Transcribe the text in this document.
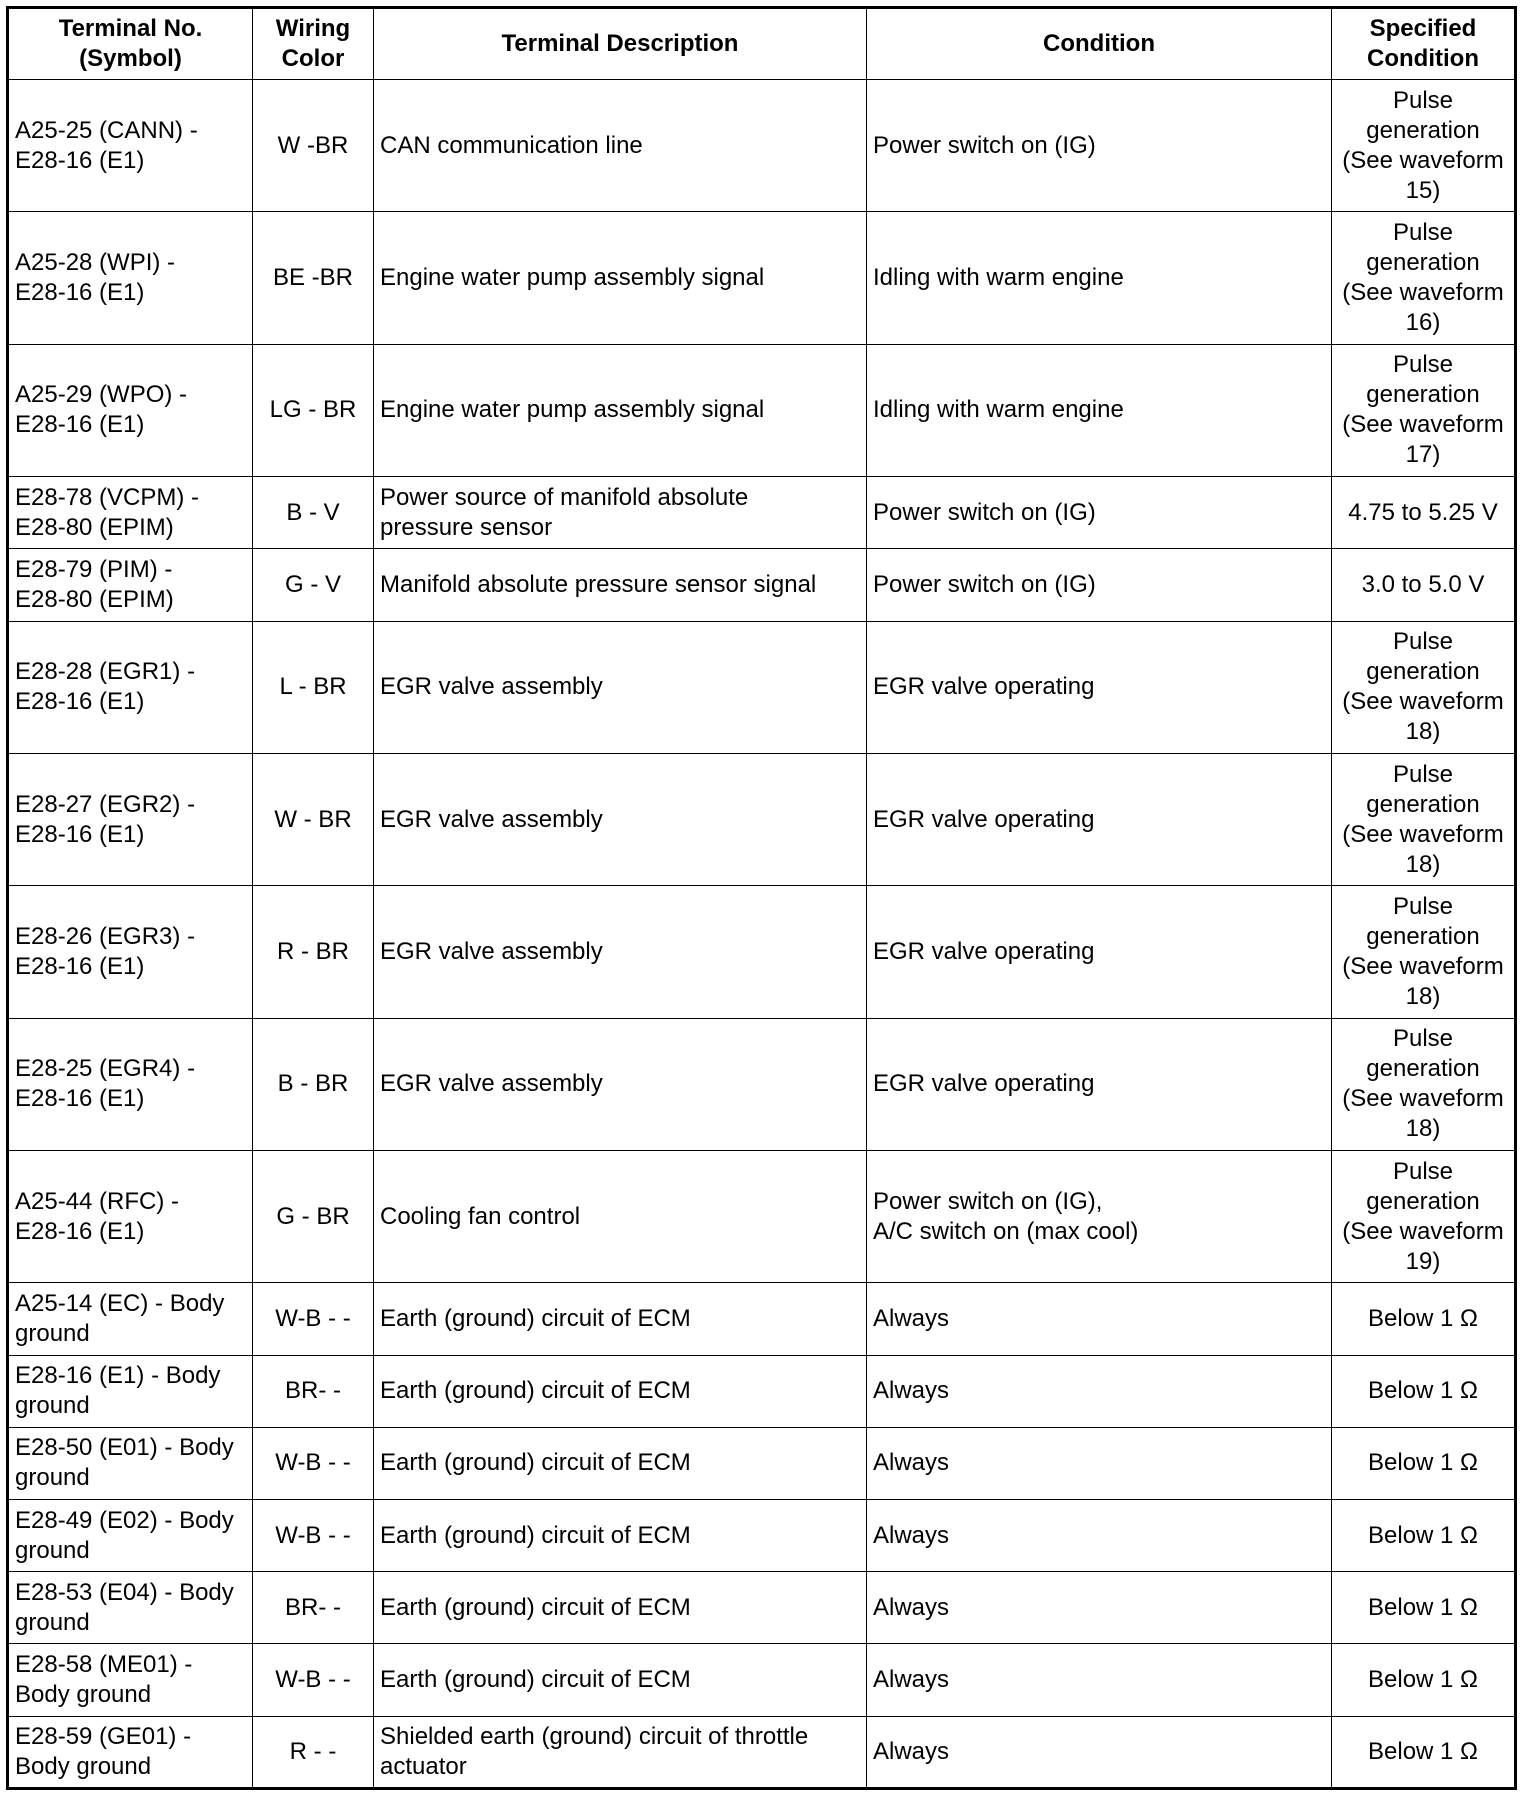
Terminal No.
(Symbol)	Wiring
Color	Terminal Description	Condition	Specified
Condition

A25-25 (CANN) -
E28-16 (E1)	W -BR	CAN communication line	Power switch on (IG)	Pulse
generation
(See waveform
15)

A25-28 (WPI) -
E28-16 (E1)	BE -BR	Engine water pump assembly signal	Idling with warm engine	Pulse
generation
(See waveform
16)

A25-29 (WPO) -
E28-16 (E1)	LG - BR	Engine water pump assembly signal	Idling with warm engine	Pulse
generation
(See waveform
17)

E28-78 (VCPM) -
E28-80 (EPIM)	B - V	Power source of manifold absolute
pressure sensor	Power switch on (IG)	4.75 to 5.25 V

E28-79 (PIM) -
E28-80 (EPIM)	G - V	Manifold absolute pressure sensor signal	Power switch on (IG)	3.0 to 5.0 V

E28-28 (EGR1) -
E28-16 (E1)	L - BR	EGR valve assembly	EGR valve operating	Pulse
generation
(See waveform
18)

E28-27 (EGR2) -
E28-16 (E1)	W - BR	EGR valve assembly	EGR valve operating	Pulse
generation
(See waveform
18)

E28-26 (EGR3) -
E28-16 (E1)	R - BR	EGR valve assembly	EGR valve operating	Pulse
generation
(See waveform
18)

E28-25 (EGR4) -
E28-16 (E1)	B - BR	EGR valve assembly	EGR valve operating	Pulse
generation
(See waveform
18)

A25-44 (RFC) -
E28-16 (E1)	G - BR	Cooling fan control	Power switch on (IG),
A/C switch on (max cool)	Pulse
generation
(See waveform
19)

A25-14 (EC) - Body
ground	W-B - -	Earth (ground) circuit of ECM	Always	Below 1 Ω

E28-16 (E1) - Body
ground	BR- -	Earth (ground) circuit of ECM	Always	Below 1 Ω

E28-50 (E01) - Body
ground	W-B - -	Earth (ground) circuit of ECM	Always	Below 1 Ω

E28-49 (E02) - Body
ground	W-B - -	Earth (ground) circuit of ECM	Always	Below 1 Ω

E28-53 (E04) - Body
ground	BR- -	Earth (ground) circuit of ECM	Always	Below 1 Ω

E28-58 (ME01) -
Body ground	W-B - -	Earth (ground) circuit of ECM	Always	Below 1 Ω

E28-59 (GE01) -
Body ground	R - -	Shielded earth (ground) circuit of throttle
actuator	Always	Below 1 Ω
